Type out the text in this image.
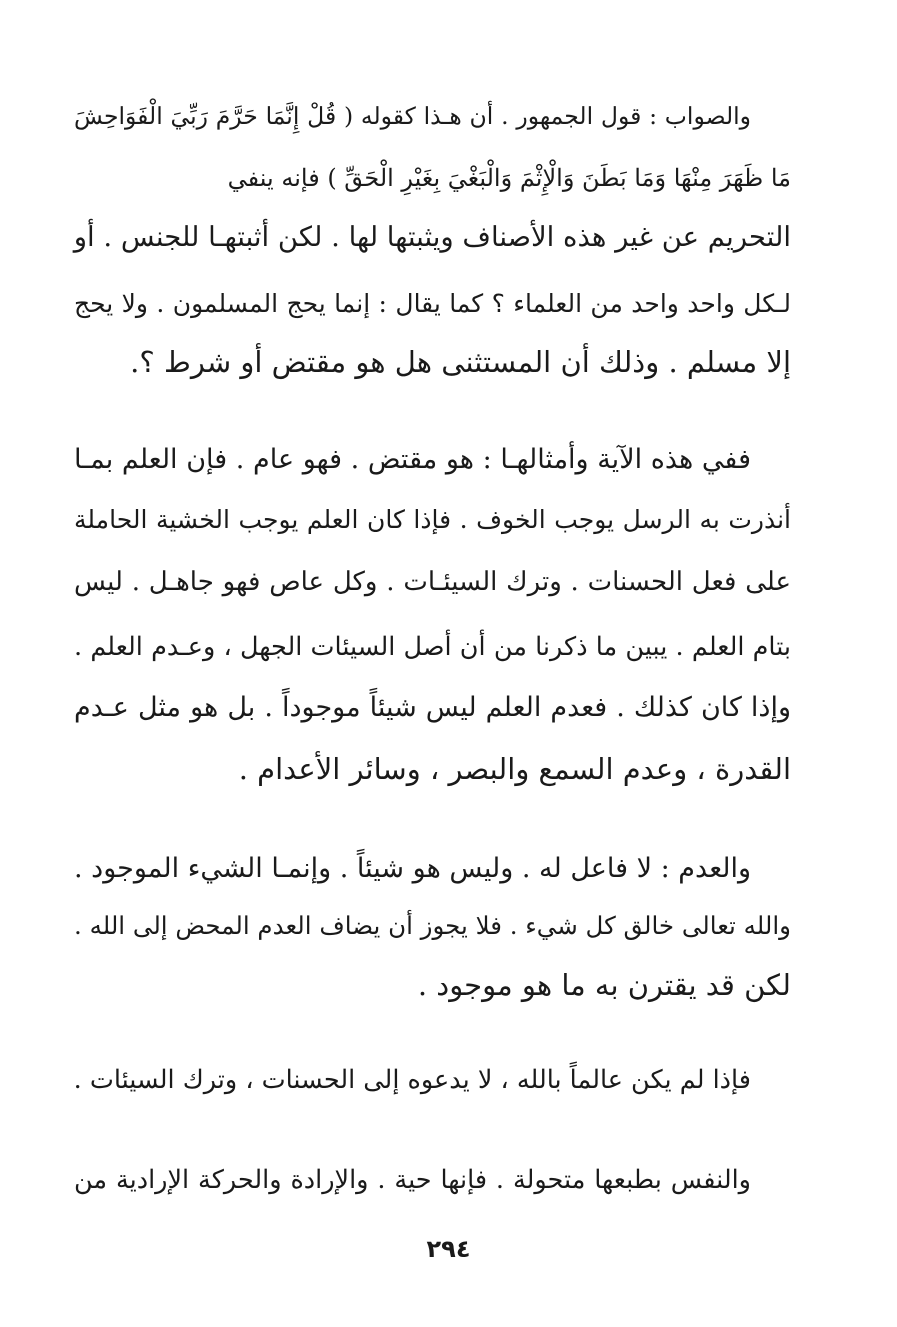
والصواب : قول الجمهور . أن هـذا كقوله ( قُلْ إِنَّمَا حَرَّمَ رَبِّيَ الْفَوَاحِشَ
مَا ظَهَرَ مِنْهَا وَمَا بَطَنَ وَالْإِثْمَ وَالْبَغْيَ بِغَيْرِ الْحَقِّ ) فإنه ينفي
التحريم عن غير هذه الأصناف ويثبتها لها . لكن أثبتهـا للجنس . أو
لـكل واحد واحد من العلماء ؟ كما يقال : إنما يحج المسلمون . ولا يحج
إلا مسلم . وذلك أن المستثنى هل هو مقتض أو شرط ؟.
ففي هذه الآية وأمثالهـا : هو مقتض . فهو عام . فإن العلم بمـا
أنذرت به الرسل يوجب الخوف . فإذا كان العلم يوجب الخشية الحاملة
على فعل الحسنات . وترك السيئـات . وكل عاص فهو جاهـل . ليس
بتام العلم . يبين ما ذكرنا من أن أصل السيئات الجهل ، وعـدم العلم .
وإذا كان كذلك . فعدم العلم ليس شيئاً موجوداً . بل هو مثل عـدم
القدرة ، وعدم السمع والبصر ، وسائر الأعدام .
والعدم : لا فاعل له . وليس هو شيئاً . وإنمـا الشيء الموجود .
والله تعالى خالق كل شيء . فلا يجوز أن يضاف العدم المحض إلى الله .
لكن قد يقترن به ما هو موجود .
فإذا لم يكن عالماً بالله ، لا يدعوه إلى الحسنات ، وترك السيئات .
والنفس بطبعها متحولة . فإنها حية . والإرادة والحركة الإرادية من
٢٩٤
